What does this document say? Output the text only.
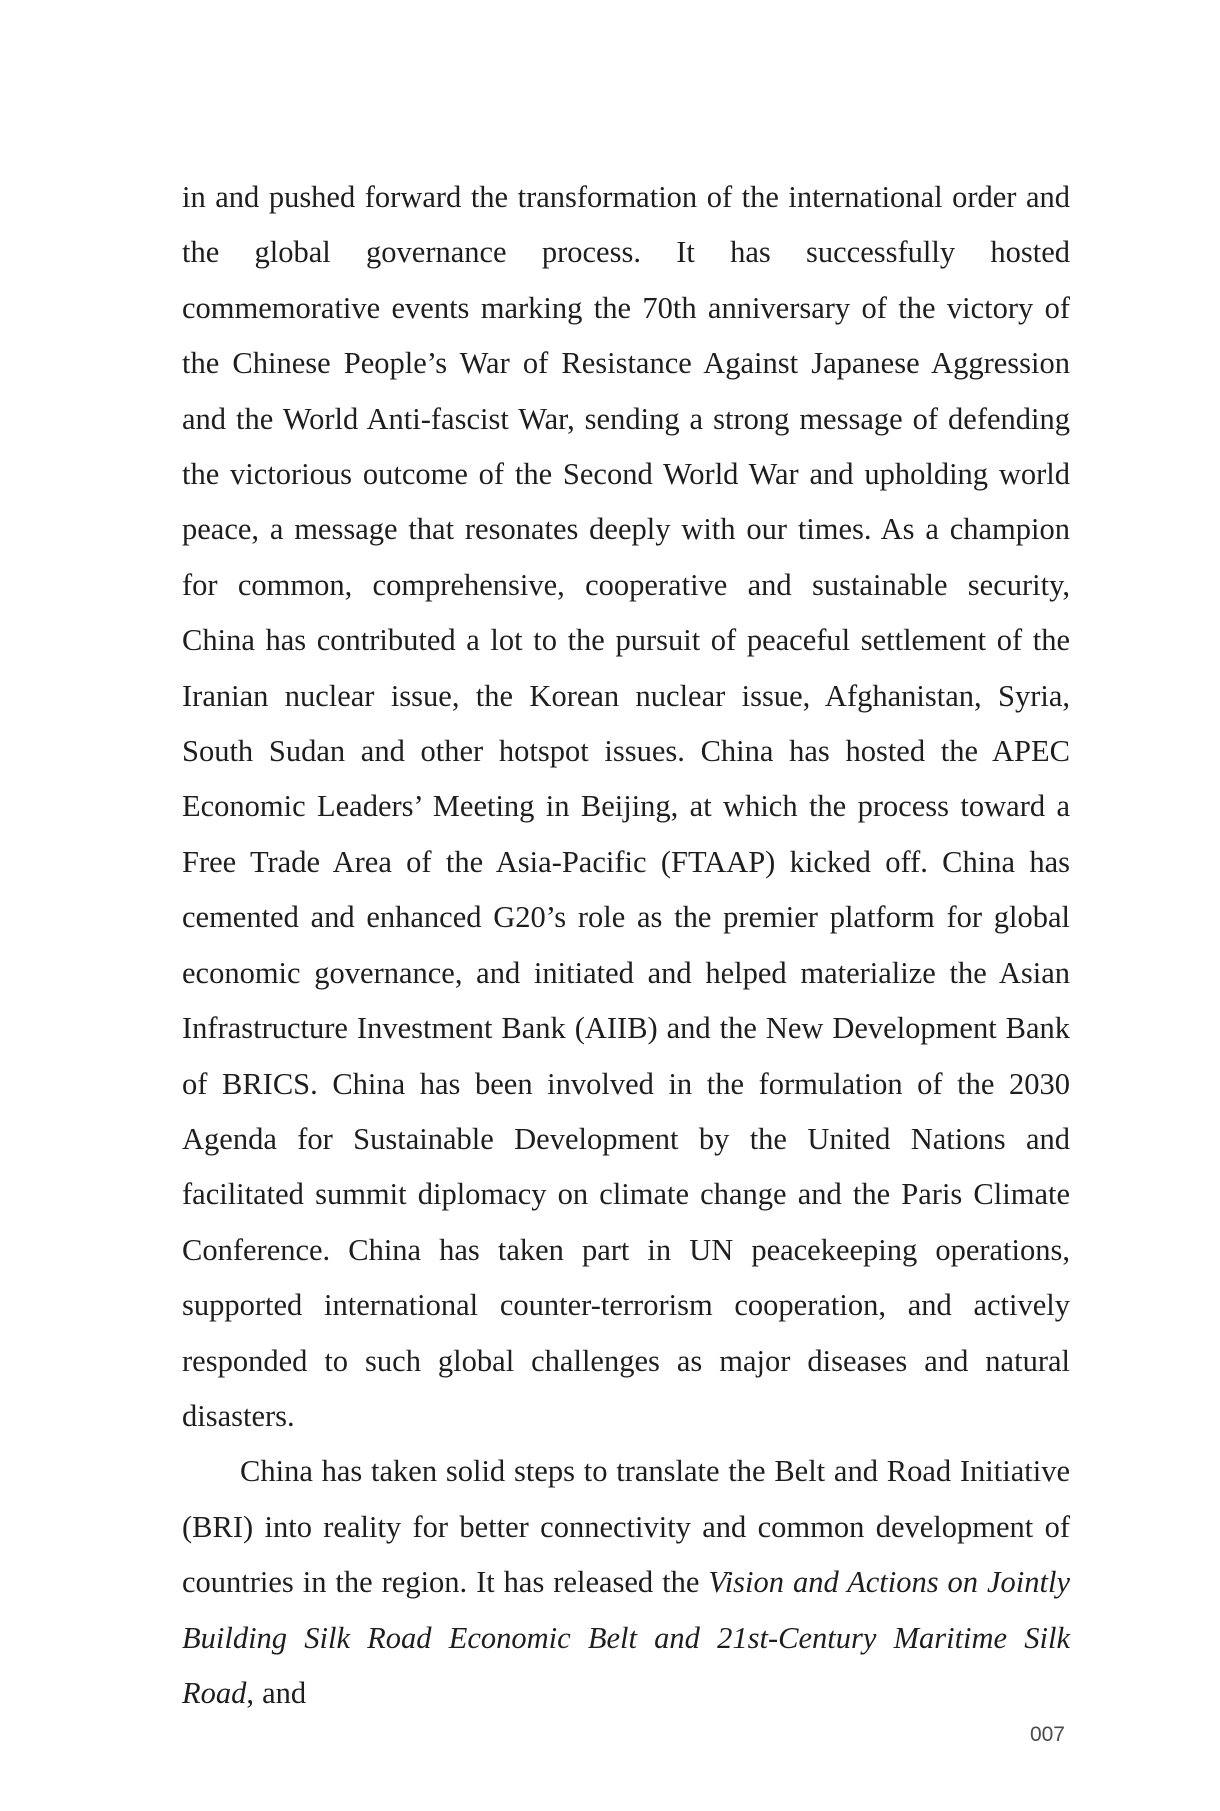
in and pushed forward the transformation of the international order and the global governance process. It has successfully hosted commemorative events marking the 70th anniversary of the victory of the Chinese People’s War of Resistance Against Japanese Aggression and the World Anti-fascist War, sending a strong message of defending the victorious outcome of the Second World War and upholding world peace, a message that resonates deeply with our times. As a champion for common, comprehensive, cooperative and sustainable security, China has contributed a lot to the pursuit of peaceful settlement of the Iranian nuclear issue, the Korean nuclear issue, Afghanistan, Syria, South Sudan and other hotspot issues. China has hosted the APEC Economic Leaders’ Meeting in Beijing, at which the process toward a Free Trade Area of the Asia-Pacific (FTAAP) kicked off. China has cemented and enhanced G20’s role as the premier platform for global economic governance, and initiated and helped materialize the Asian Infrastructure Investment Bank (AIIB) and the New Development Bank of BRICS. China has been involved in the formulation of the 2030 Agenda for Sustainable Development by the United Nations and facilitated summit diplomacy on climate change and the Paris Climate Conference. China has taken part in UN peacekeeping operations, supported international counter-terrorism cooperation, and actively responded to such global challenges as major diseases and natural disasters.

China has taken solid steps to translate the Belt and Road Initiative (BRI) into reality for better connectivity and common development of countries in the region. It has released the Vision and Actions on Jointly Building Silk Road Economic Belt and 21st-Century Maritime Silk Road, and

007
